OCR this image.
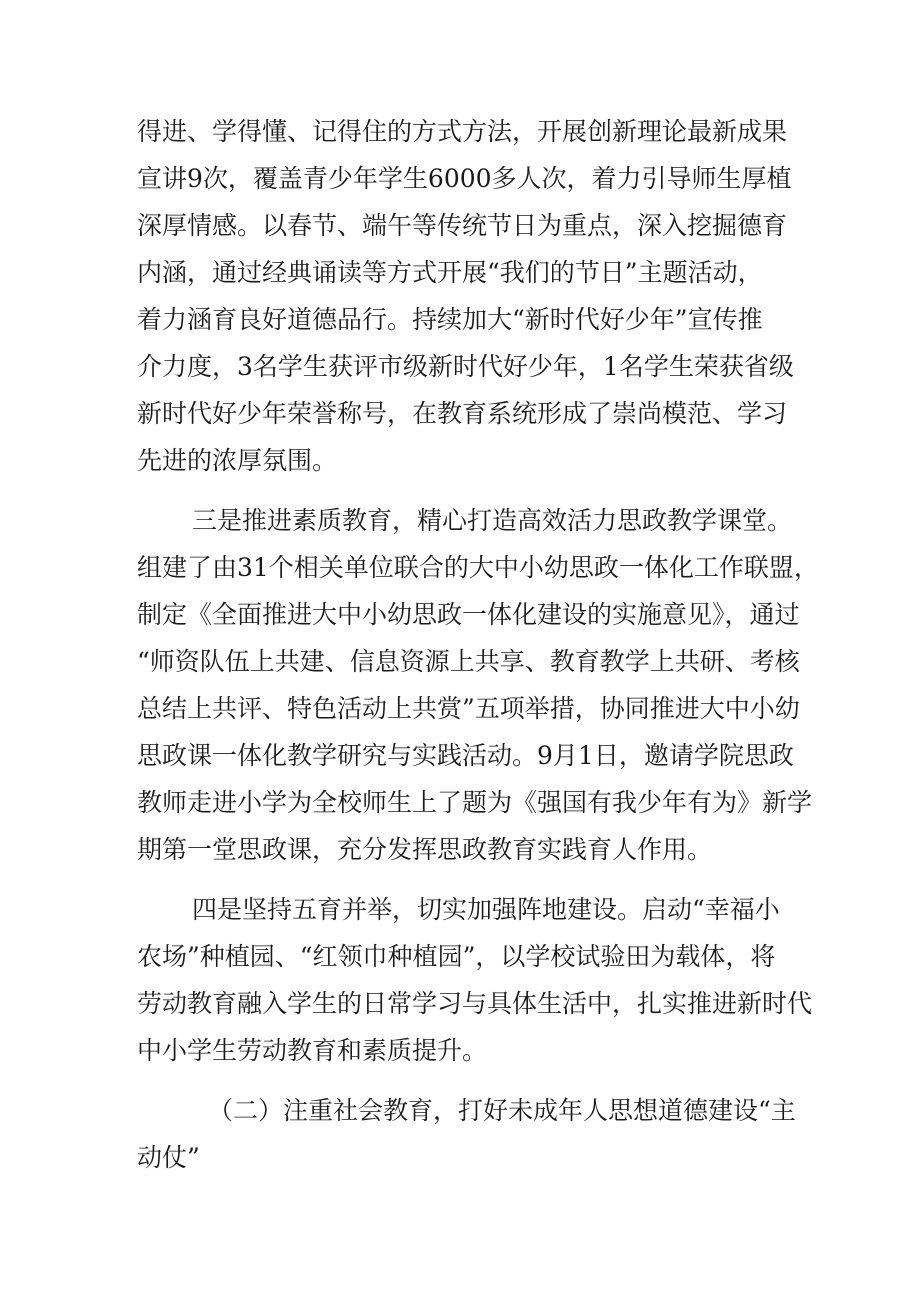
得进、学得懂、记得住的方式方法，开展创新理论最新成果
宣讲9次，覆盖青少年学生6000多人次，着力引导师生厚植
深厚情感。以春节、端午等传统节日为重点，深入挖掘德育
内涵，通过经典诵读等方式开展“我们的节日”主题活动，
着力涵育良好道德品行。持续加大“新时代好少年”宣传推
介力度，3名学生获评市级新时代好少年，1名学生荣获省级
新时代好少年荣誉称号，在教育系统形成了崇尚模范、学习
先进的浓厚氛围。
三是推进素质教育，精心打造高效活力思政教学课堂。
组建了由31个相关单位联合的大中小幼思政一体化工作联盟，
制定《全面推进大中小幼思政一体化建设的实施意见》，通过
“师资队伍上共建、信息资源上共享、教育教学上共研、考核
总结上共评、特色活动上共赏”五项举措，协同推进大中小幼
思政课一体化教学研究与实践活动。9月1日，邀请学院思政
教师走进小学为全校师生上了题为《强国有我少年有为》新学
期第一堂思政课，充分发挥思政教育实践育人作用。
四是坚持五育并举，切实加强阵地建设。启动“幸福小
农场”种植园、“红领巾种植园”，以学校试验田为载体，将
劳动教育融入学生的日常学习与具体生活中，扎实推进新时代
中小学生劳动教育和素质提升。
（二）注重社会教育，打好未成年人思想道德建设“主
动仗”
